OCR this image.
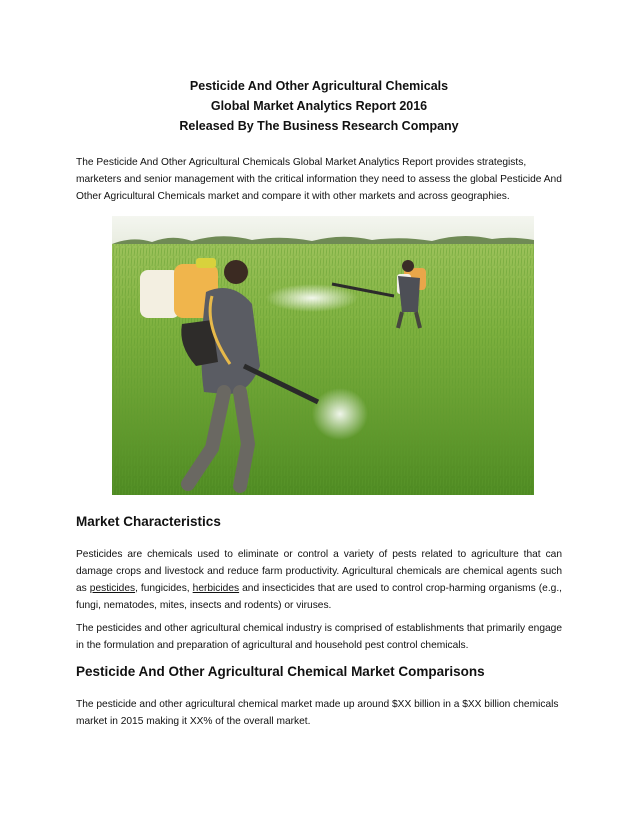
Pesticide And Other Agricultural Chemicals
Global Market Analytics Report 2016
Released By The Business Research Company

The Pesticide And Other Agricultural Chemicals Global Market Analytics Report provides strategists, marketers and senior management with the critical information they need to assess the global Pesticide And Other Agricultural Chemicals market and compare it with other markets and across geographies.

Market Characteristics

Pesticides are chemicals used to eliminate or control a variety of pests related to agriculture that can damage crops and livestock and reduce farm productivity. Agricultural chemicals are chemical agents such as pesticides, fungicides, herbicides and insecticides that are used to control crop-harming organisms (e.g., fungi, nematodes, mites, insects and rodents) or viruses.

The pesticides and other agricultural chemical industry is comprised of establishments that primarily engage in the formulation and preparation of agricultural and household pest control chemicals.

Pesticide And Other Agricultural Chemical Market Comparisons

The pesticide and other agricultural chemical market made up around $XX billion in a $XX billion chemicals market in 2015 making it XX% of the overall market.
